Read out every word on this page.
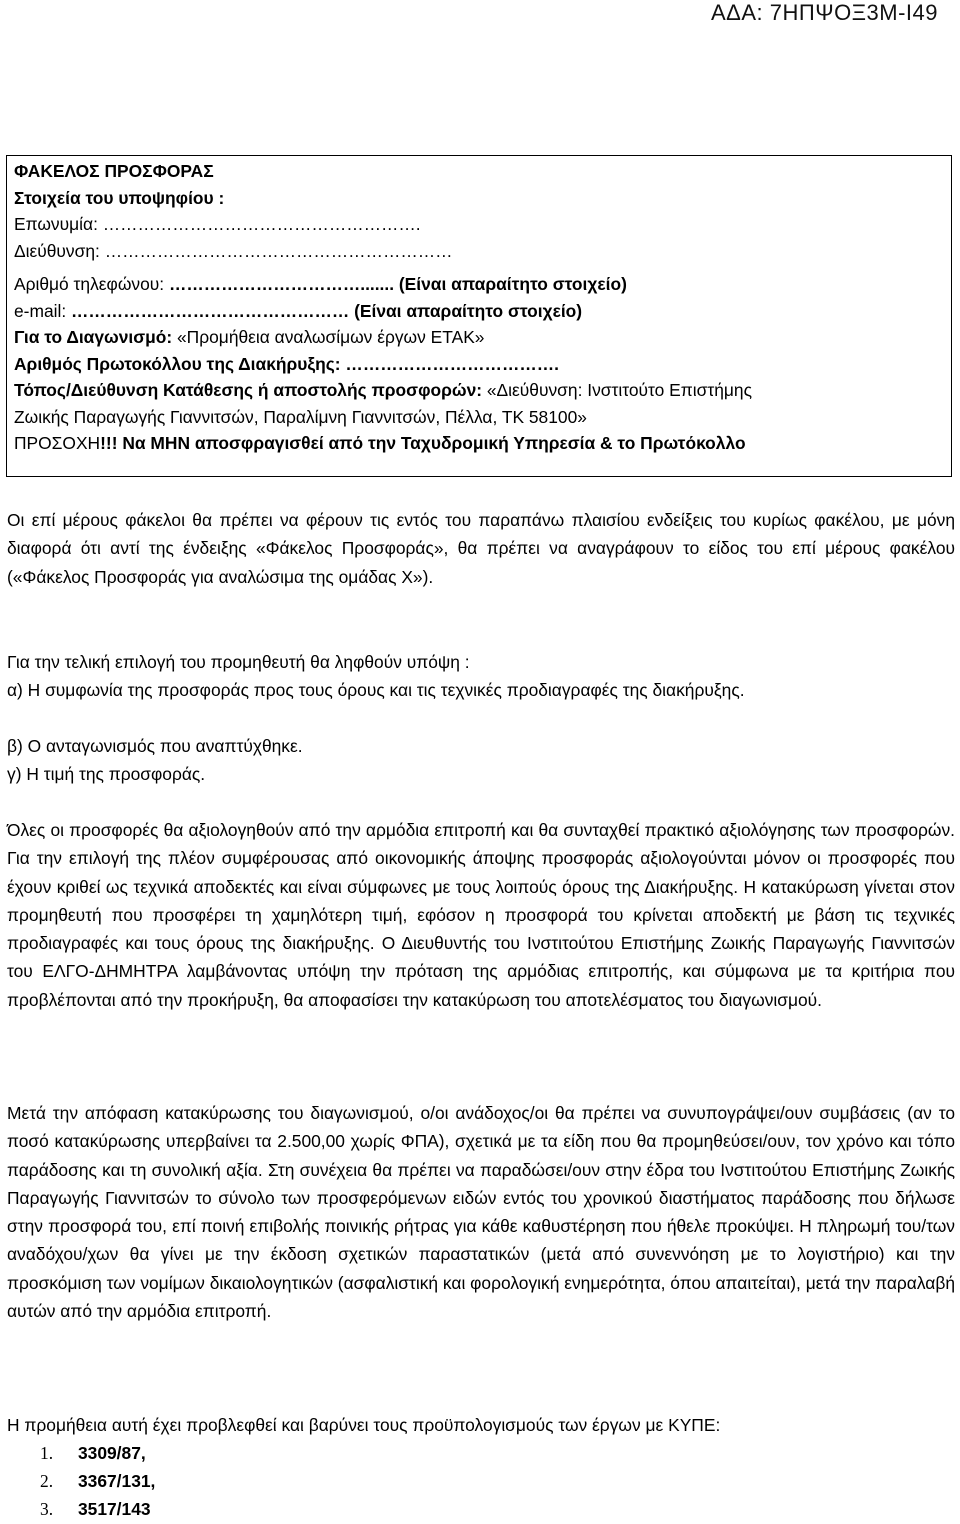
ΑΔΑ: 7ΗΠΨΟΞ3Μ-Ι49
ΦΑΚΕΛΟΣ ΠΡΟΣΦΟΡΑΣ
Στοιχεία του υποψηφίου :
Επωνυμία: ……………………………………………….
Διεύθυνση: ……………………………………………………
Αριθμό τηλεφώνου: ……………………………....... (Είναι απαραίτητο στοιχείο)
e-mail: ………………………………………… (Είναι απαραίτητο στοιχείο)
Για το Διαγωνισμό: «Προμήθεια αναλωσίμων έργων ΕΤΑΚ»
Αριθμός Πρωτοκόλλου της Διακήρυξης: ……………………………….
Τόπος/Διεύθυνση Κατάθεσης ή αποστολής προσφορών: «Διεύθυνση: Ινστιτούτο Επιστήμης
Ζωικής Παραγωγής Γιαννιτσών, Παραλίμνη Γιαννιτσών, Πέλλα, ΤΚ 58100»
ΠΡΟΣΟΧΗ!!! Να ΜΗΝ αποσφραγισθεί από την Ταχυδρομική Υπηρεσία & το Πρωτόκολλο
Οι επί μέρους φάκελοι θα πρέπει να φέρουν τις εντός του παραπάνω πλαισίου ενδείξεις του κυρίως φακέλου, με μόνη διαφορά ότι αντί της ένδειξης «Φάκελος Προσφοράς», θα πρέπει να αναγράφουν το είδος του επί μέρους φακέλου («Φάκελος Προσφοράς για αναλώσιμα της ομάδας Χ»).
Για την τελική επιλογή του προμηθευτή θα ληφθούν υπόψη :
α) Η συμφωνία της προσφοράς προς τους όρους και τις τεχνικές προδιαγραφές της διακήρυξης.
β) Ο ανταγωνισμός που αναπτύχθηκε.
γ) Η τιμή της προσφοράς.
Όλες οι προσφορές θα αξιολογηθούν από την αρμόδια επιτροπή και θα συνταχθεί πρακτικό αξιολόγησης των προσφορών. Για την επιλογή της πλέον συμφέρουσας από οικονομικής άποψης προσφοράς αξιολογούνται μόνον οι προσφορές που έχουν κριθεί ως τεχνικά αποδεκτές και είναι σύμφωνες με τους λοιπούς όρους της Διακήρυξης. Η κατακύρωση γίνεται στον προμηθευτή που προσφέρει τη χαμηλότερη τιμή, εφόσον η προσφορά του κρίνεται αποδεκτή με βάση τις τεχνικές προδιαγραφές και τους όρους της διακήρυξης. Ο Διευθυντής του Ινστιτούτου Επιστήμης Ζωικής Παραγωγής Γιαννιτσών του ΕΛΓΟ-ΔΗΜΗΤΡΑ λαμβάνοντας υπόψη την πρόταση της αρμόδιας επιτροπής, και σύμφωνα με τα κριτήρια που προβλέπονται από την προκήρυξη, θα αποφασίσει την κατακύρωση του αποτελέσματος του διαγωνισμού.
Μετά την απόφαση κατακύρωσης του διαγωνισμού, ο/οι ανάδοχος/οι θα πρέπει να συνυπογράψει/ουν συμβάσεις (αν το ποσό κατακύρωσης υπερβαίνει τα 2.500,00 χωρίς ΦΠΑ), σχετικά με τα είδη που θα προμηθεύσει/ουν, τον χρόνο και τόπο παράδοσης και τη συνολική αξία. Στη συνέχεια θα πρέπει να παραδώσει/ουν στην έδρα του Ινστιτούτου Επιστήμης Ζωικής Παραγωγής Γιαννιτσών το σύνολο των προσφερόμενων ειδών εντός του χρονικού διαστήματος παράδοσης που δήλωσε στην προσφορά του, επί ποινή επιβολής ποινικής ρήτρας για κάθε καθυστέρηση που ήθελε προκύψει. Η πληρωμή του/των αναδόχου/χων θα γίνει με την έκδοση σχετικών παραστατικών (μετά από συνεννόηση με το λογιστήριο) και την προσκόμιση των νομίμων δικαιολογητικών (ασφαλιστική και φορολογική ενημερότητα, όπου απαιτείται), μετά την παραλαβή αυτών από την αρμόδια επιτροπή.
Η προμήθεια αυτή έχει προβλεφθεί και βαρύνει τους προϋπολογισμούς των έργων με ΚΥΠΕ:
1. 3309/87,
2. 3367/131,
3. 3517/143
